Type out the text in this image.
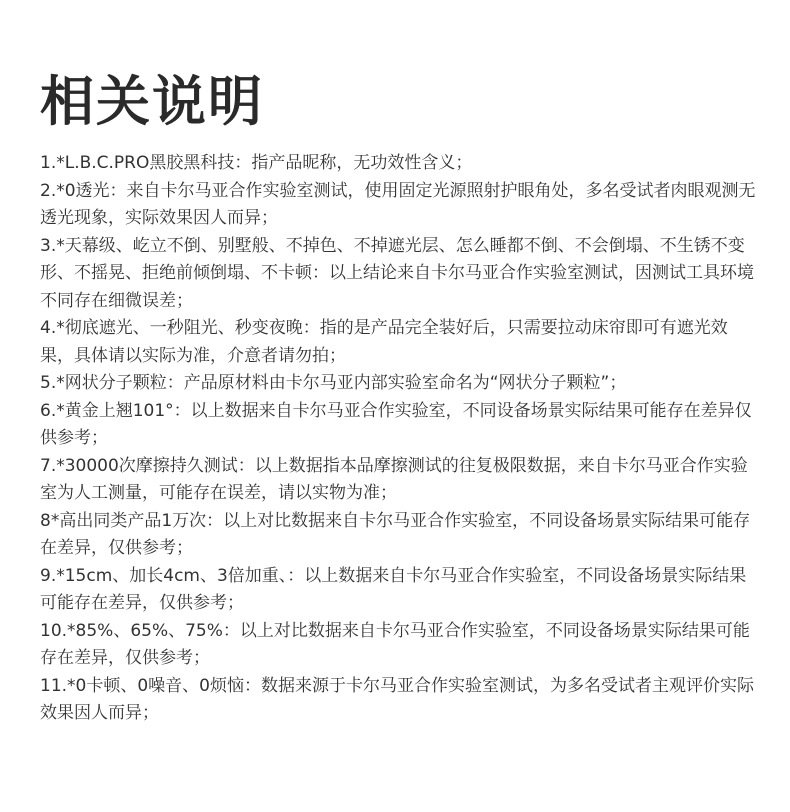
相关说明
1.*L.B.C.PRO黑胶黑科技：指产品昵称，无功效性含义；
2.*0透光：来自卡尔马亚合作实验室测试，使用固定光源照射护眼角处，多名受试者肉眼观测无透光现象，实际效果因人而异；
3.*天幕级、屹立不倒、别墅般、不掉色、不掉遮光层、怎么睡都不倒、不会倒塌、不生锈不变形、不摇晃、拒绝前倾倒塌、不卡顿：以上结论来自卡尔马亚合作实验室测试，因测试工具环境不同存在细微误差；
4.*彻底遮光、一秒阻光、秒变夜晚：指的是产品完全装好后，只需要拉动床帘即可有遮光效果，具体请以实际为准，介意者请勿拍；
5.*网状分子颗粒：产品原材料由卡尔马亚内部实验室命名为“网状分子颗粒”；
6.*黄金上翘101°：以上数据来自卡尔马亚合作实验室，不同设备场景实际结果可能存在差异仅供参考；
7.*30000次摩擦持久测试：以上数据指本品摩擦测试的往复极限数据，来自卡尔马亚合作实验室为人工测量，可能存在误差，请以实物为准；
8*高出同类产品1万次：以上对比数据来自卡尔马亚合作实验室，不同设备场景实际结果可能存在差异，仅供参考；
9.*15cm、加长4cm、3倍加重、：以上数据来自卡尔马亚合作实验室，不同设备场景实际结果可能存在差异，仅供参考；
10.*85%、65%、75%：以上对比数据来自卡尔马亚合作实验室，不同设备场景实际结果可能存在差异，仅供参考；
11.*0卡顿、0噪音、0烦恼：数据来源于卡尔马亚合作实验室测试，为多名受试者主观评价实际效果因人而异；
